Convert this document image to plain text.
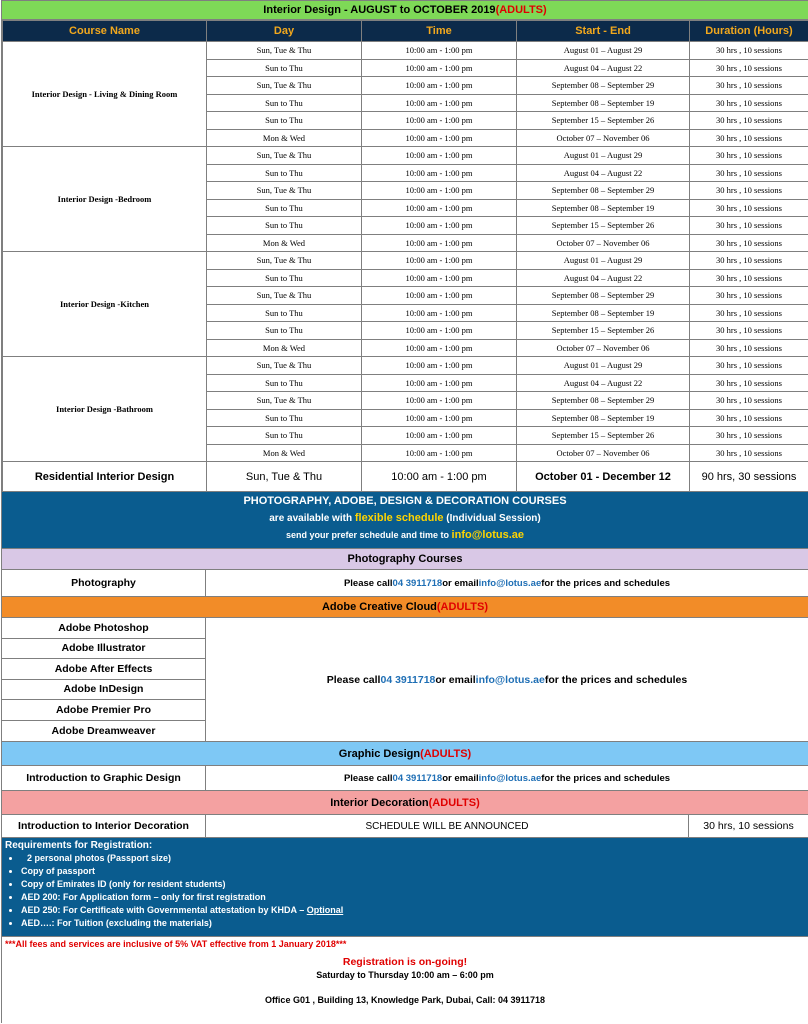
Interior Design - AUGUST to OCTOBER 2019 (ADULTS)
Course Name	Day	Time	Start - End	Duration (Hours)
Interior Design - Living & Dining Room	Sun, Tue & Thu	10:00 am - 1:00 pm	August 01 – August 29	30 hrs , 10 sessions
	Sun to Thu	10:00 am - 1:00 pm	August 04 – August 22	30 hrs , 10 sessions
	Sun, Tue & Thu	10:00 am - 1:00 pm	September 08 – September 29	30 hrs , 10 sessions
	Sun to Thu	10:00 am - 1:00 pm	September 08 – September 19	30 hrs , 10 sessions
	Sun to Thu	10:00 am - 1:00 pm	September 15 – September 26	30 hrs , 10 sessions
	Mon & Wed	10:00 am - 1:00 pm	October 07 – November 06	30 hrs , 10 sessions
Interior Design -Bedroom	Sun, Tue & Thu	10:00 am - 1:00 pm	August 01 – August 29	30 hrs , 10 sessions
	Sun to Thu	10:00 am - 1:00 pm	August 04 – August 22	30 hrs , 10 sessions
	Sun, Tue & Thu	10:00 am - 1:00 pm	September 08 – September 29	30 hrs , 10 sessions
	Sun to Thu	10:00 am - 1:00 pm	September 08 – September 19	30 hrs , 10 sessions
	Sun to Thu	10:00 am - 1:00 pm	September 15 – September 26	30 hrs , 10 sessions
	Mon & Wed	10:00 am - 1:00 pm	October 07 – November 06	30 hrs , 10 sessions
Interior Design -Kitchen	Sun, Tue & Thu	10:00 am - 1:00 pm	August 01 – August 29	30 hrs , 10 sessions
	Sun to Thu	10:00 am - 1:00 pm	August 04 – August 22	30 hrs , 10 sessions
	Sun, Tue & Thu	10:00 am - 1:00 pm	September 08 – September 29	30 hrs , 10 sessions
	Sun to Thu	10:00 am - 1:00 pm	September 08 – September 19	30 hrs , 10 sessions
	Sun to Thu	10:00 am - 1:00 pm	September 15 – September 26	30 hrs , 10 sessions
	Mon & Wed	10:00 am - 1:00 pm	October 07 – November 06	30 hrs , 10 sessions
Interior Design -Bathroom	Sun, Tue & Thu	10:00 am - 1:00 pm	August 01 – August 29	30 hrs , 10 sessions
	Sun to Thu	10:00 am - 1:00 pm	August 04 – August 22	30 hrs , 10 sessions
	Sun, Tue & Thu	10:00 am - 1:00 pm	September 08 – September 29	30 hrs , 10 sessions
	Sun to Thu	10:00 am - 1:00 pm	September 08 – September 19	30 hrs , 10 sessions
	Sun to Thu	10:00 am - 1:00 pm	September 15 – September 26	30 hrs , 10 sessions
	Mon & Wed	10:00 am - 1:00 pm	October 07 – November 06	30 hrs , 10 sessions
Residential Interior Design	Sun, Tue & Thu	10:00 am - 1:00 pm	October 01 - December 12	90 hrs, 30 sessions
PHOTOGRAPHY, ADOBE, DESIGN & DECORATION COURSES
are available with flexible schedule (Individual Session)
send your prefer schedule and time to info@lotus.ae
Photography Courses
Photography	Please call 04 3911718 or email info@lotus.ae for the prices and schedules
Adobe Creative Cloud (ADULTS)
Adobe Photoshop
Adobe Illustrator
Adobe After Effects
Adobe InDesign
Adobe Premier Pro
Adobe Dreamweaver
Please call 04 3911718 or email info@lotus.ae for the prices and schedules
Graphic Design (ADULTS)
Introduction to Graphic Design	Please call 04 3911718 or email info@lotus.ae for the prices and schedules
Interior Decoration (ADULTS)
Introduction to Interior Decoration	SCHEDULE WILL BE ANNOUNCED	30 hrs, 10 sessions
Requirements for Registration:
• 2 personal photos (Passport size)
• Copy of passport
• Copy of Emirates ID (only for resident students)
• AED 200: For Application form – only for first registration
• AED 250: For Certificate with Governmental attestation by KHDA – Optional
• AED….: For Tuition (excluding the materials)
***All fees and services are inclusive of 5% VAT effective from 1 January 2018***
Registration is on-going!
Saturday to Thursday 10:00 am – 6:00 pm
Office G01 , Building 13, Knowledge Park, Dubai, Call: 04 3911718
